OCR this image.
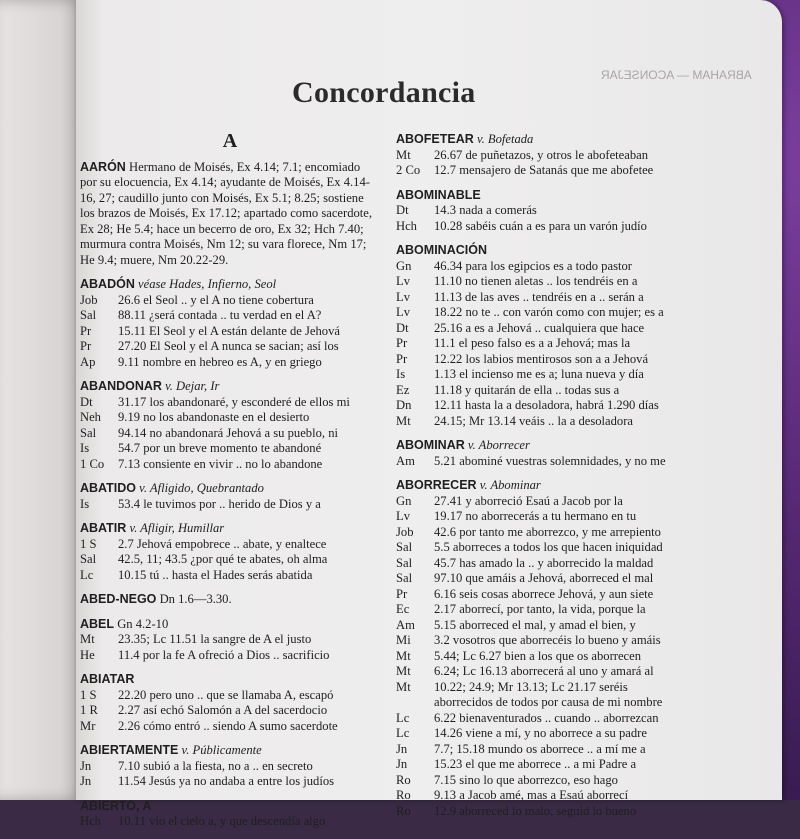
ABRAHAM — ACONSEJAR
Concordancia
A
AARÓN Hermano de Moisés, Ex 4.14; 7.1; encomiado por su elocuencia, Ex 4.14; ayudante de Moisés, Ex 4.14-16, 27; caudillo junto con Moisés, Ex 5.1; 8.25; sostiene los brazos de Moisés, Ex 17.12; apartado como sacerdote, Ex 28; He 5.4; hace un becerro de oro, Ex 32; Hch 7.40; murmura contra Moisés, Nm 12; su vara florece, Nm 17; He 9.4; muere, Nm 20.22-29.
ABADÓN véase Hades, Infierno, Seol
Job	26.6 el Seol .. y el A no tiene cobertura
Sal	88.11 ¿será contada .. tu verdad en el A?
Pr	15.11 El Seol y el A están delante de Jehová
Pr	27.20 El Seol y el A nunca se sacian; así los
Ap	9.11 nombre en hebreo es A, y en griego
ABANDONAR v. Dejar, Ir
Dt	31.17 los abandonaré, y esconderé de ellos mi
Neh	9.19 no los abandonaste en el desierto
Sal	94.14 no abandonará Jehová a su pueblo, ni
Is	54.7 por un breve momento te abandoné
1 Co	7.13 consiente en vivir .. no lo abandone
ABATIDO v. Afligido, Quebrantado
Is	53.4 le tuvimos por .. herido de Dios y a
ABATIR v. Afligir, Humillar
1 S	2.7 Jehová empobrece .. abate, y enaltece
Sal	42.5, 11; 43.5 ¿por qué te abates, oh alma
Lc	10.15 tú .. hasta el Hades serás abatida
ABED-NEGO Dn 1.6—3.30.
ABEL Gn 4.2-10
Mt	23.35; Lc 11.51 la sangre de A el justo
He	11.4 por la fe A ofreció a Dios .. sacrificio
ABIATAR
1 S	22.20 pero uno .. que se llamaba A, escapó
1 R	2.27 así echó Salomón a A del sacerdocio
Mr	2.26 cómo entró .. siendo A sumo sacerdote
ABIERTAMENTE v. Públicamente
Jn	7.10 subió a la fiesta, no a .. en secreto
Jn	11.54 Jesús ya no andaba a entre los judíos
ABIERTO, A
Hch	10.11 vio el cielo a, y que descendía algo
ABOFETEAR v. Bofetada
Mt	26.67 de puñetazos, y otros le abofeteaban
2 Co	12.7 mensajero de Satanás que me abofetee
ABOMINABLE
Dt	14.3 nada a comerás
Hch	10.28 sabéis cuán a es para un varón judío
ABOMINACIÓN
Gn	46.34 para los egipcios es a todo pastor
Lv	11.10 no tienen aletas .. los tendréis en a
Lv	11.13 de las aves .. tendréis en a .. serán a
Lv	18.22 no te .. con varón como con mujer; es a
Dt	25.16 a es a Jehová .. cualquiera que hace
Pr	11.1 el peso falso es a a Jehová; mas la
Pr	12.22 los labios mentirosos son a a Jehová
Is	1.13 el incienso me es a; luna nueva y día
Ez	11.18 y quitarán de ella .. todas sus a
Dn	12.11 hasta la a desoladora, habrá 1.290 días
Mt	24.15; Mr 13.14 veáis .. la a desoladora
ABOMINAR v. Aborrecer
Am	5.21 abominé vuestras solemnidades, y no me
ABORRECER v. Abominar
Gn	27.41 y aborreció Esaú a Jacob por la
Lv	19.17 no aborrecerás a tu hermano en tu
Job	42.6 por tanto me aborrezco, y me arrepiento
Sal	5.5 aborreces a todos los que hacen iniquidad
Sal	45.7 has amado la .. y aborrecido la maldad
Sal	97.10 que amáis a Jehová, aborreced el mal
Pr	6.16 seis cosas aborrece Jehová, y aun siete
Ec	2.17 aborrecí, por tanto, la vida, porque la
Am	5.15 aborreced el mal, y amad el bien, y
Mi	3.2 vosotros que aborrecéis lo bueno y amáis
Mt	5.44; Lc 6.27 bien a los que os aborrecen
Mt	6.24; Lc 16.13 aborrecerá al uno y amará al
Mt	10.22; 24.9; Mr 13.13; Lc 21.17 seréis
aborrecidos de todos por causa de mi nombre
Lc	6.22 bienaventurados .. cuando .. aborrezcan
Lc	14.26 viene a mí, y no aborrece a su padre
Jn	7.7; 15.18 mundo os aborrece .. a mí me a
Jn	15.23 el que me aborrece .. a mi Padre a
Ro	7.15 sino lo que aborrezco, eso hago
Ro	9.13 a Jacob amé, mas a Esaú aborrecí
Ro	12.9 aborreced lo malo, seguid lo bueno
